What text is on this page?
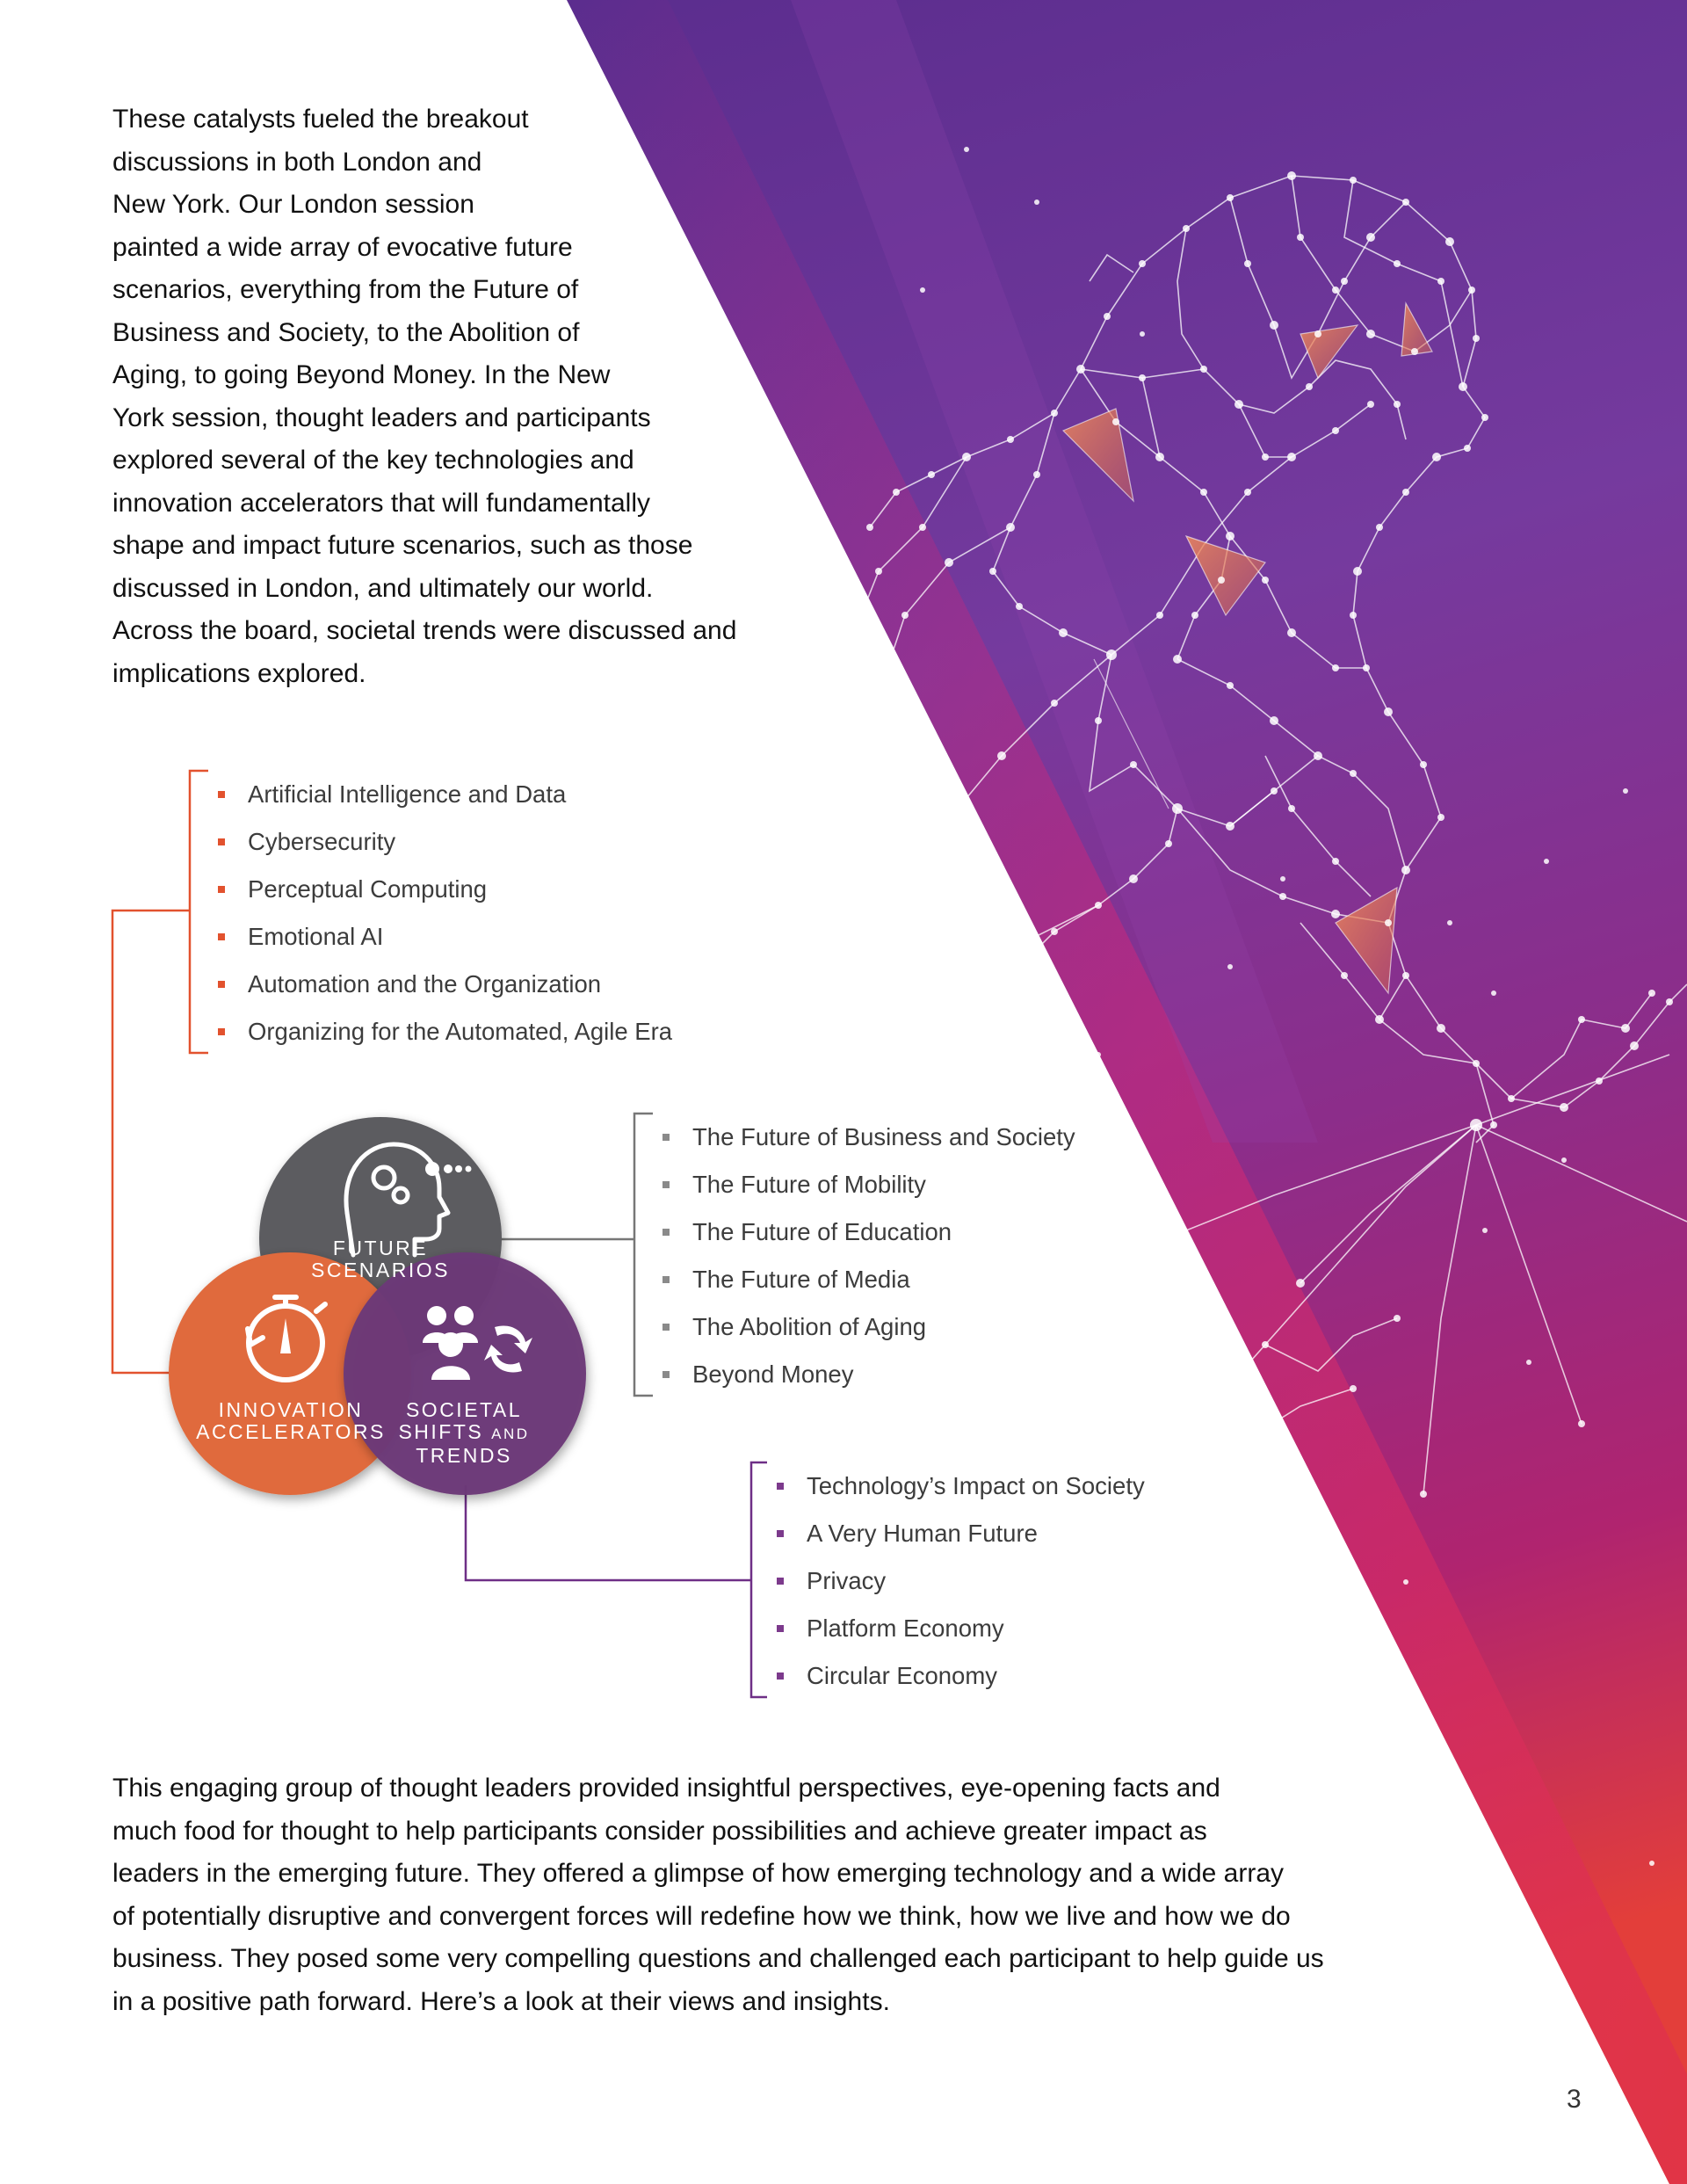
These catalysts fueled the breakout
discussions in both London and
New York. Our London session
painted a wide array of evocative future
scenarios, everything from the Future of
Business and Society, to the Abolition of
Aging, to going Beyond Money. In the New
York session, thought leaders and participants
explored several of the key technologies and
innovation accelerators that will fundamentally
shape and impact future scenarios, such as those
discussed in London, and ultimately our world.
Across the board, societal trends were discussed and
implications explored.
FUTURE
SCENARIOS
INNOVATION
ACCELERATORS
SOCIETAL
SHIFTS AND
TRENDS
Artificial Intelligence and Data
Cybersecurity
Perceptual Computing
Emotional AI
Automation and the Organization
Organizing for the Automated, Agile Era
The Future of Business and Society
The Future of Mobility
The Future of Education
The Future of Media
The Abolition of Aging
Beyond Money
Technology’s Impact on Society
A Very Human Future
Privacy
Platform Economy
Circular Economy
This engaging group of thought leaders provided insightful perspectives, eye-opening facts and
much food for thought to help participants consider possibilities and achieve greater impact as
leaders in the emerging future. They offered a glimpse of how emerging technology and a wide array
of potentially disruptive and convergent forces will redefine how we think, how we live and how we do
business. They posed some very compelling questions and challenged each participant to help guide us
in a positive path forward. Here’s a look at their views and insights.
3
